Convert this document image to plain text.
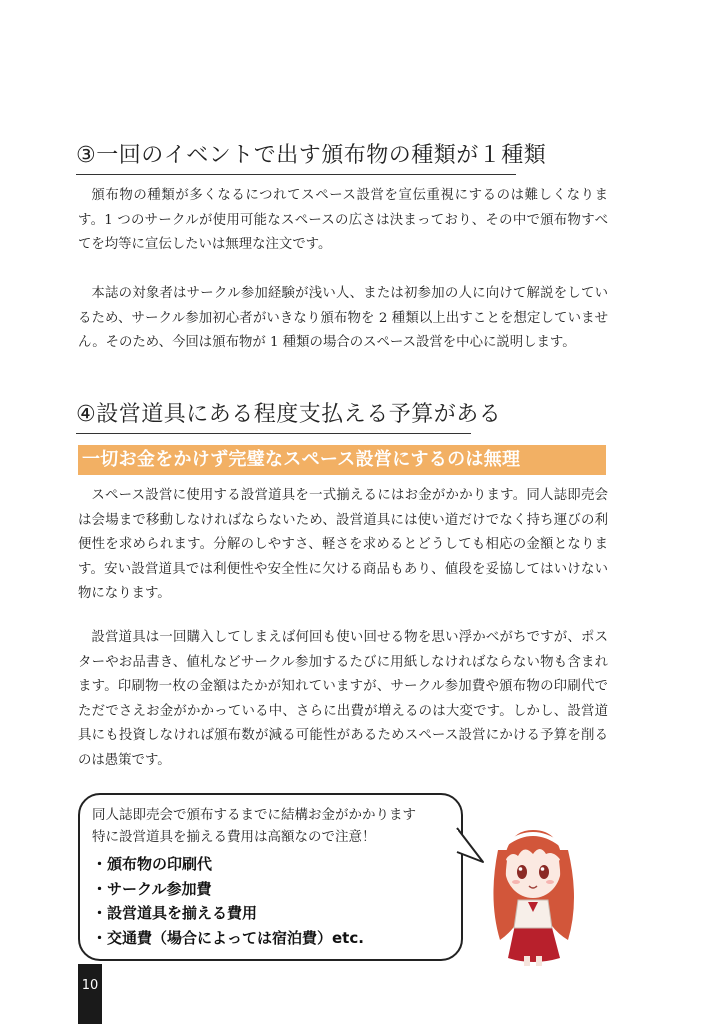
③一回のイベントで出す頒布物の種類が１種類

頒布物の種類が多くなるにつれてスペース設営を宣伝重視にするのは難しくなります。1 つのサークルが使用可能なスペースの広さは決まっており、その中で頒布物すべてを均等に宣伝したいは無理な注文です。

本誌の対象者はサークル参加経験が浅い人、または初参加の人に向けて解説をしているため、サークル参加初心者がいきなり頒布物を 2 種類以上出すことを想定していません。そのため、今回は頒布物が 1 種類の場合のスペース設営を中心に説明します。

④設営道具にある程度支払える予算がある
一切お金をかけず完璧なスペース設営にするのは無理

スペース設営に使用する設営道具を一式揃えるにはお金がかかります。同人誌即売会は会場まで移動しなければならないため、設営道具には使い道だけでなく持ち運びの利便性を求められます。分解のしやすさ、軽さを求めるとどうしても相応の金額となります。安い設営道具では利便性や安全性に欠ける商品もあり、値段を妥協してはいけない物になります。

設営道具は一回購入してしまえば何回も使い回せる物を思い浮かべがちですが、ポスターやお品書き、値札などサークル参加するたびに用紙しなければならない物も含まれます。印刷物一枚の金額はたかが知れていますが、サークル参加費や頒布物の印刷代でただでさえお金がかかっている中、さらに出費が増えるのは大変です。しかし、設営道具にも投資しなければ頒布数が減る可能性があるためスペース設営にかける予算を削るのは愚策です。

同人誌即売会で頒布するまでに結構お金がかかります
特に設営道具を揃える費用は高額なので注意！
・頒布物の印刷代
・サークル参加費
・設営道具を揃える費用
・交通費（場合によっては宿泊費）etc.
10
